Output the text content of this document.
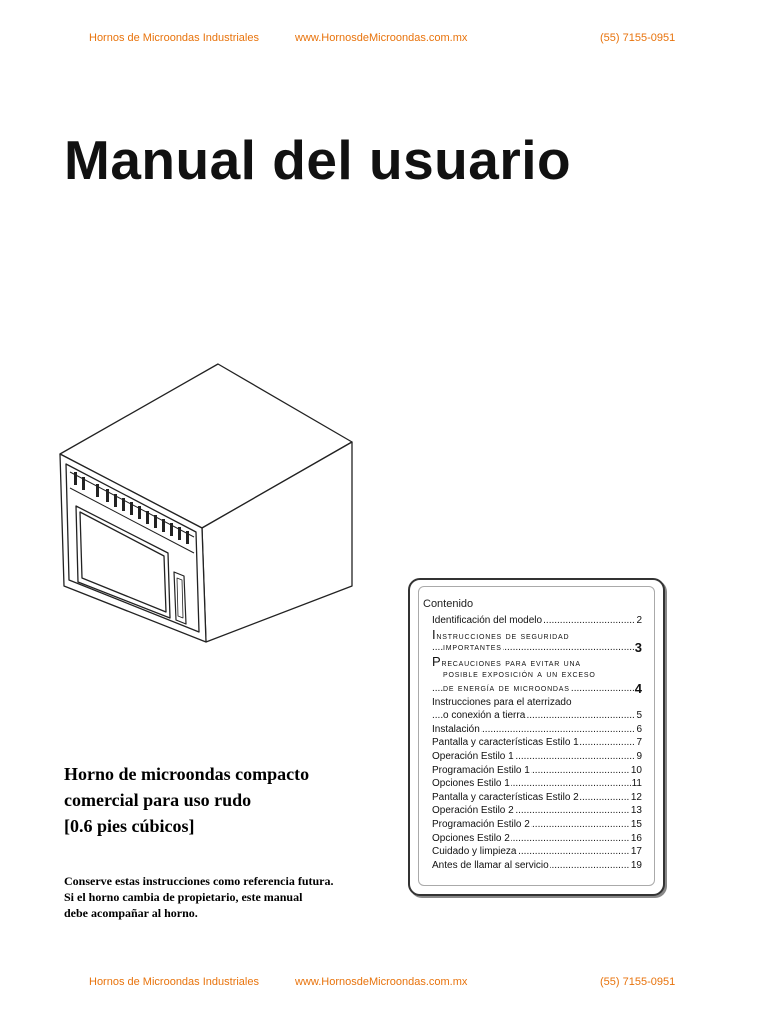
Hornos de Microondas Industriales	www.HornosdeMicroondas.com.mx	(55) 7155-0951
Manual del usuario
Horno de microondas compacto
comercial para uso rudo
[0.6 pies cúbicos]
Conserve estas instrucciones como referencia futura.
Si el horno cambia de propietario, este manual
debe acompañar al horno.
Contenido
.....
Identificación del modelo	2
Instrucciones de seguridad
.....
importantes	3
Precauciones para evitar una
posible exposición a un exceso
.....
de energía de microondas	4
Instrucciones para el aterrizado
.....
o conexión a tierra	5
.....
Instalación	6
.....
Pantalla y características Estilo 1	7
.....
Operación Estilo 1	9
.....
Programación Estilo 1	10
.....
Opciones Estilo 1	11
.....
Pantalla y características Estilo 2	12
.....
Operación Estilo 2	13
.....
Programación Estilo 2	15
.....
Opciones Estilo 2	16
.....
Cuidado y limpieza	17
.....
Antes de llamar al servicio	19
Hornos de Microondas Industriales	www.HornosdeMicroondas.com.mx	(55) 7155-0951
